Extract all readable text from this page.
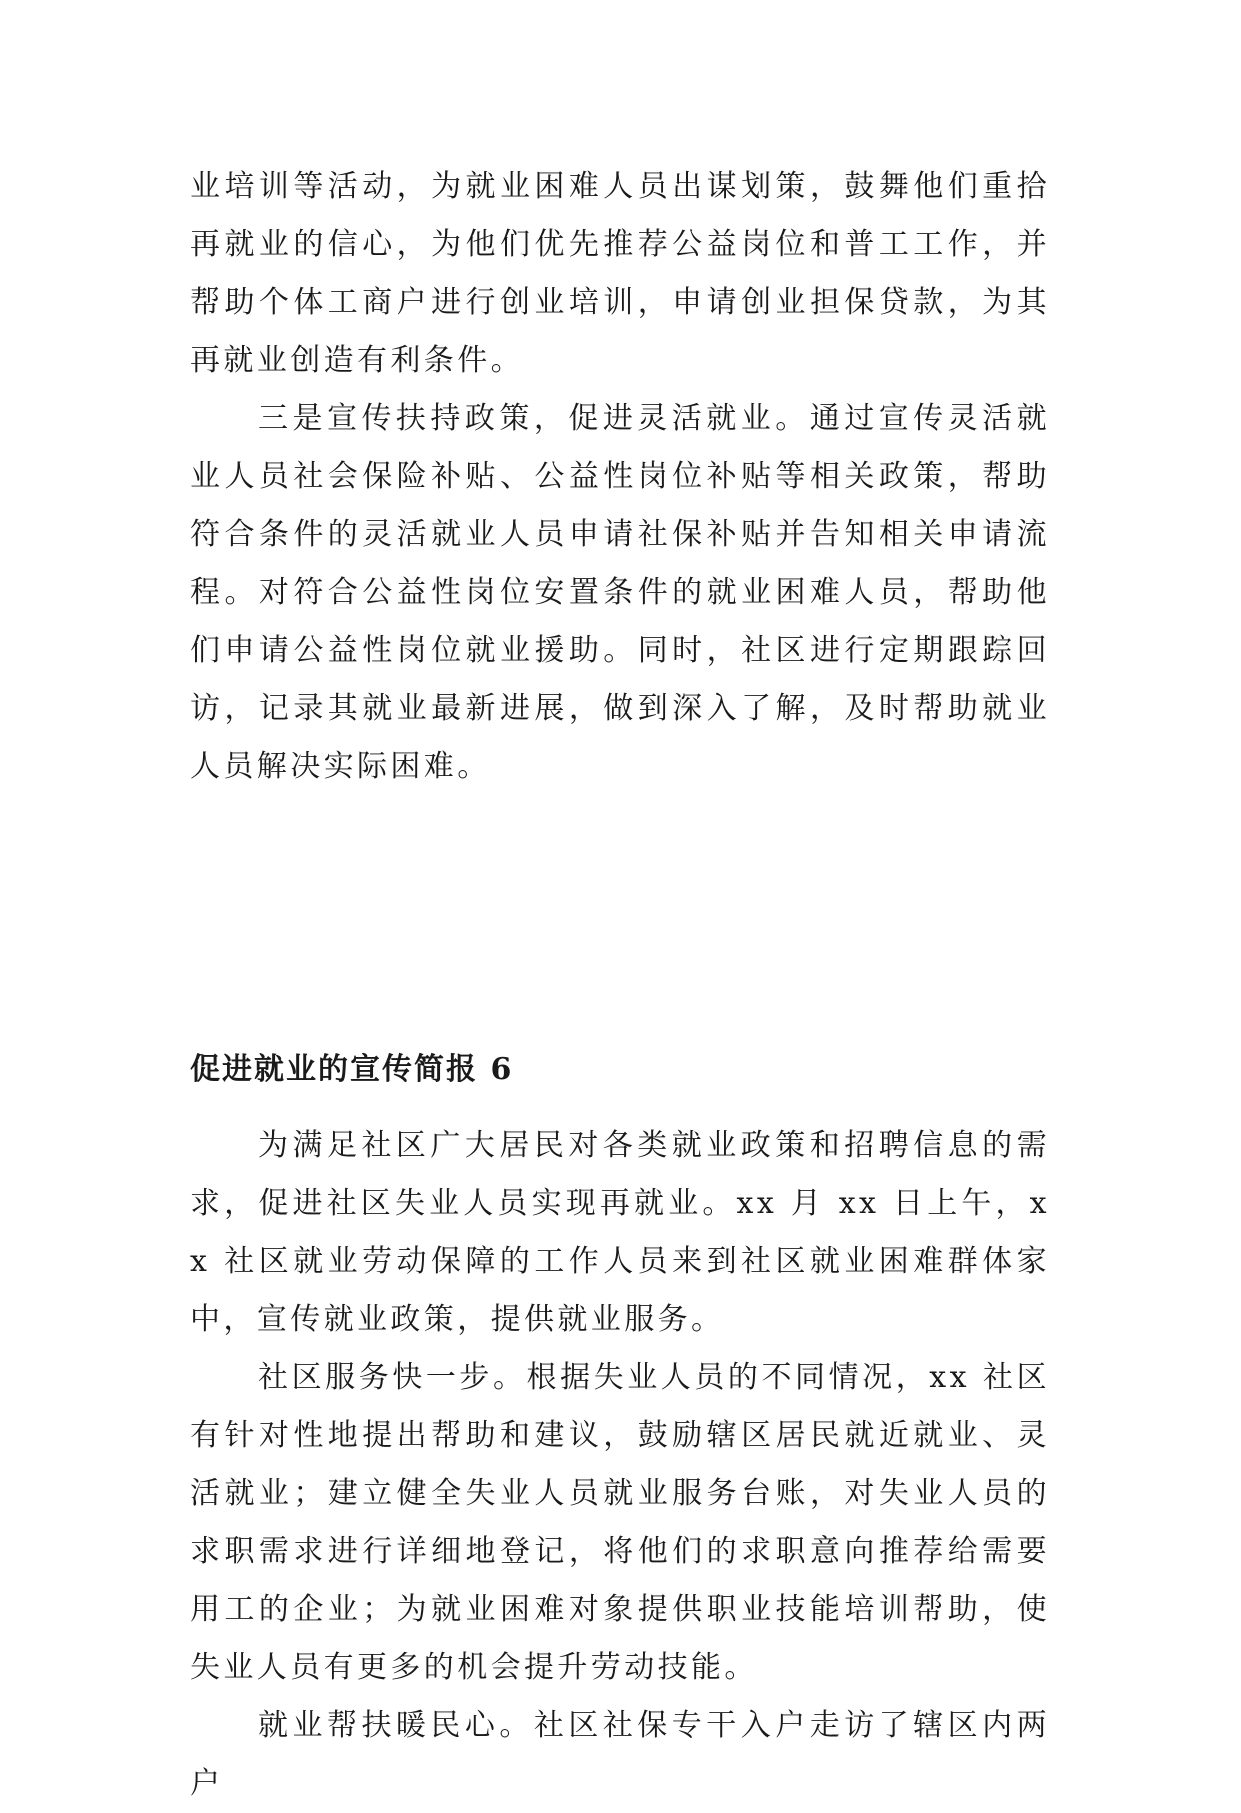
业培训等活动，为就业困难人员出谋划策，鼓舞他们重拾再就业的信心，为他们优先推荐公益岗位和普工工作，并帮助个体工商户进行创业培训，申请创业担保贷款，为其再就业创造有利条件。

三是宣传扶持政策，促进灵活就业。通过宣传灵活就业人员社会保险补贴、公益性岗位补贴等相关政策，帮助符合条件的灵活就业人员申请社保补贴并告知相关申请流程。对符合公益性岗位安置条件的就业困难人员，帮助他们申请公益性岗位就业援助。同时，社区进行定期跟踪回访，记录其就业最新进展，做到深入了解，及时帮助就业人员解决实际困难。

促进就业的宣传简报 6

为满足社区广大居民对各类就业政策和招聘信息的需求，促进社区失业人员实现再就业。xx 月 xx 日上午，xx 社区就业劳动保障的工作人员来到社区就业困难群体家中，宣传就业政策，提供就业服务。

社区服务快一步。根据失业人员的不同情况，xx 社区有针对性地提出帮助和建议，鼓励辖区居民就近就业、灵活就业；建立健全失业人员就业服务台账，对失业人员的求职需求进行详细地登记，将他们的求职意向推荐给需要用工的企业；为就业困难对象提供职业技能培训帮助，使失业人员有更多的机会提升劳动技能。

就业帮扶暖民心。社区社保专干入户走访了辖区内两户
